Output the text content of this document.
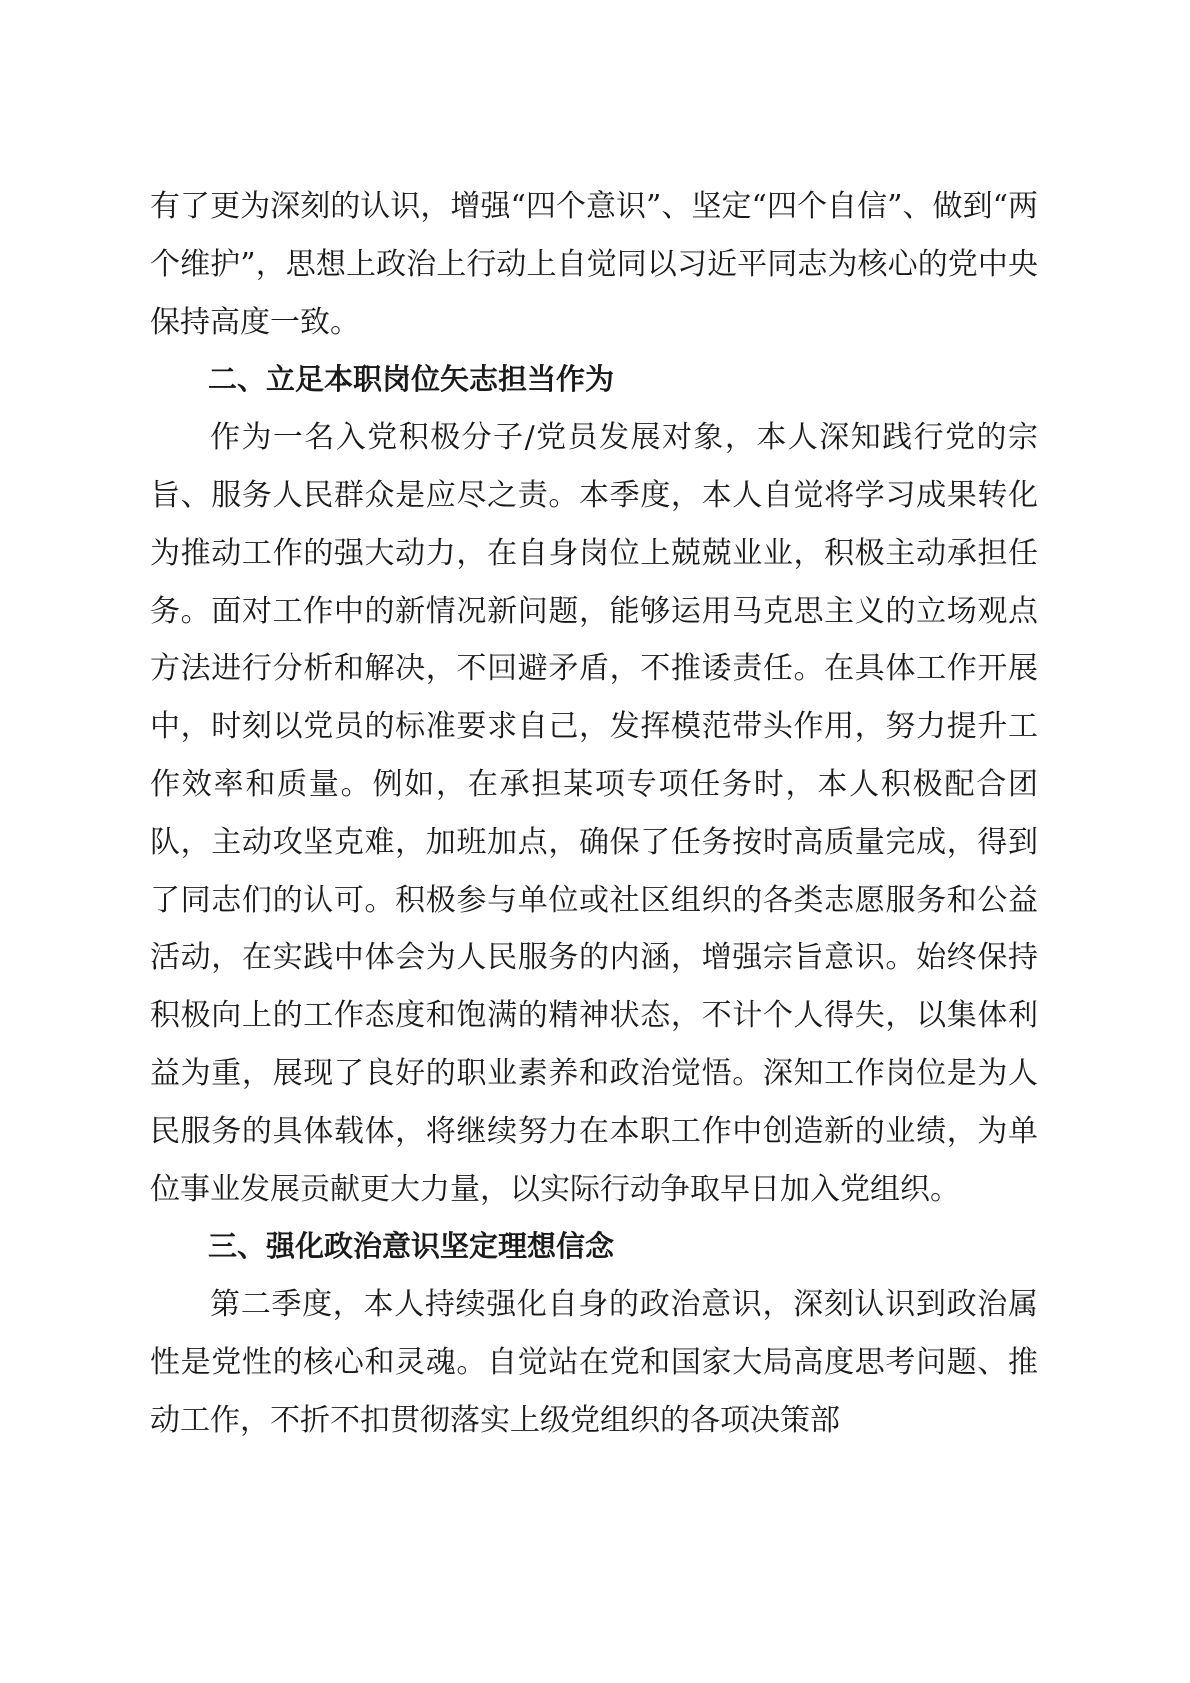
有了更为深刻的认识，增强“四个意识”、坚定“四个自信”、做到“两个维护”，思想上政治上行动上自觉同以习近平同志为核心的党中央保持高度一致。

二、立足本职岗位矢志担当作为

作为一名入党积极分子/党员发展对象，本人深知践行党的宗旨、服务人民群众是应尽之责。本季度，本人自觉将学习成果转化为推动工作的强大动力，在自身岗位上兢兢业业，积极主动承担任务。面对工作中的新情况新问题，能够运用马克思主义的立场观点方法进行分析和解决，不回避矛盾，不推诿责任。在具体工作开展中，时刻以党员的标准要求自己，发挥模范带头作用，努力提升工作效率和质量。例如，在承担某项专项任务时，本人积极配合团队，主动攻坚克难，加班加点，确保了任务按时高质量完成，得到了同志们的认可。积极参与单位或社区组织的各类志愿服务和公益活动，在实践中体会为人民服务的内涵，增强宗旨意识。始终保持积极向上的工作态度和饱满的精神状态，不计个人得失，以集体利益为重，展现了良好的职业素养和政治觉悟。深知工作岗位是为人民服务的具体载体，将继续努力在本职工作中创造新的业绩，为单位事业发展贡献更大力量，以实际行动争取早日加入党组织。

三、强化政治意识坚定理想信念

第二季度，本人持续强化自身的政治意识，深刻认识到政治属性是党性的核心和灵魂。自觉站在党和国家大局高度思考问题、推动工作，不折不扣贯彻落实上级党组织的各项决策部
